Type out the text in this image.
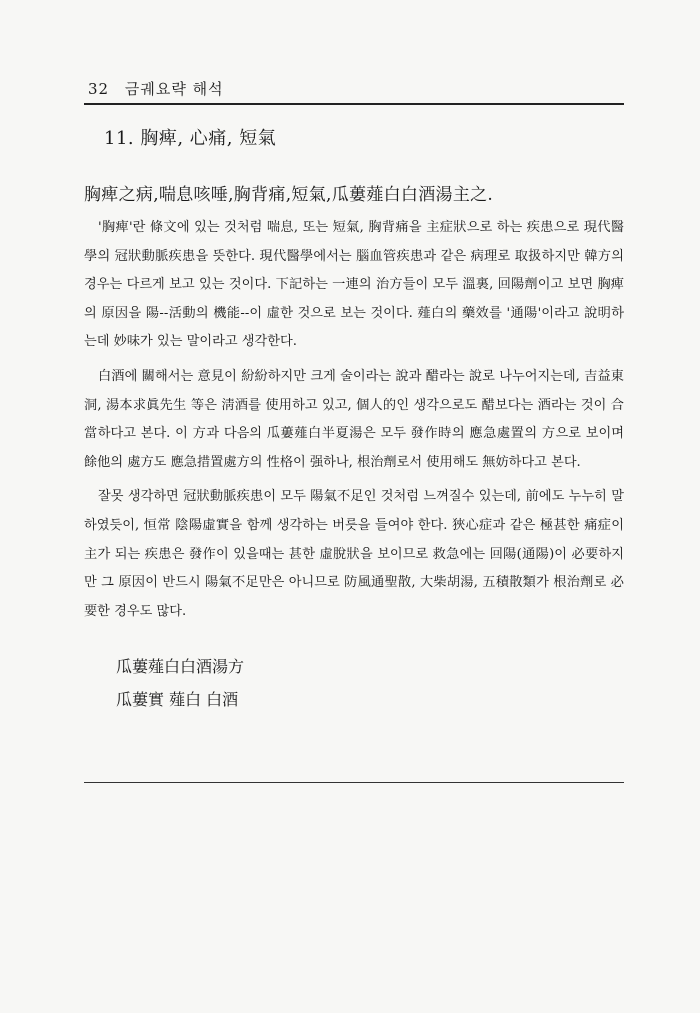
32 금궤요략 해석
11. 胸痺, 心痛, 短氣
胸痺之病,喘息咳唾,胸背痛,短氣,瓜蔞薤白白酒湯主之.

'胸痺'란 條文에 있는 것처럼 喘息, 또는 短氣, 胸背痛을 主症狀으로 하는 疾患으로 現代醫學의 冠狀動脈疾患을 뜻한다. 現代醫學에서는 腦血管疾患과 같은 病理로 取扱하지만 韓方의 경우는 다르게 보고 있는 것이다. 下記하는 一連의 治方들이 모두 溫裏, 回陽劑이고 보면 胸痺의 原因을 陽--活動의 機能--이 虛한 것으로 보는 것이다. 薤白의 藥效를 '通陽'이라고 說明하는데 妙味가 있는 말이라고 생각한다.

白酒에 關해서는 意見이 紛紛하지만 크게 술이라는 說과 醋라는 說로 나누어지는데, 吉益東洞, 湯本求眞先生 等은 淸酒를 使用하고 있고, 個人的인 생각으로도 醋보다는 酒라는 것이 合當하다고 본다. 이 方과 다음의 瓜蔞薤白半夏湯은 모두 發作時의 應急處置의 方으로 보이며 餘他의 處方도 應急措置處方의 性格이 强하나, 根治劑로서 使用해도 無妨하다고 본다.

잘못 생각하면 冠狀動脈疾患이 모두 陽氣不足인 것처럼 느껴질수 있는데, 前에도 누누히 말하였듯이, 恒常 陰陽虛實을 함께 생각하는 버릇을 들여야 한다. 狹心症과 같은 極甚한 痛症이 主가 되는 疾患은 發作이 있을때는 甚한 虛脫狀을 보이므로 救急에는 回陽(通陽)이 必要하지만 그 原因이 반드시 陽氣不足만은 아니므로 防風通聖散, 大柴胡湯, 五積散類가 根治劑로 必要한 경우도 많다.

瓜蔞薤白白酒湯方
瓜蔞實 薤白 白酒
